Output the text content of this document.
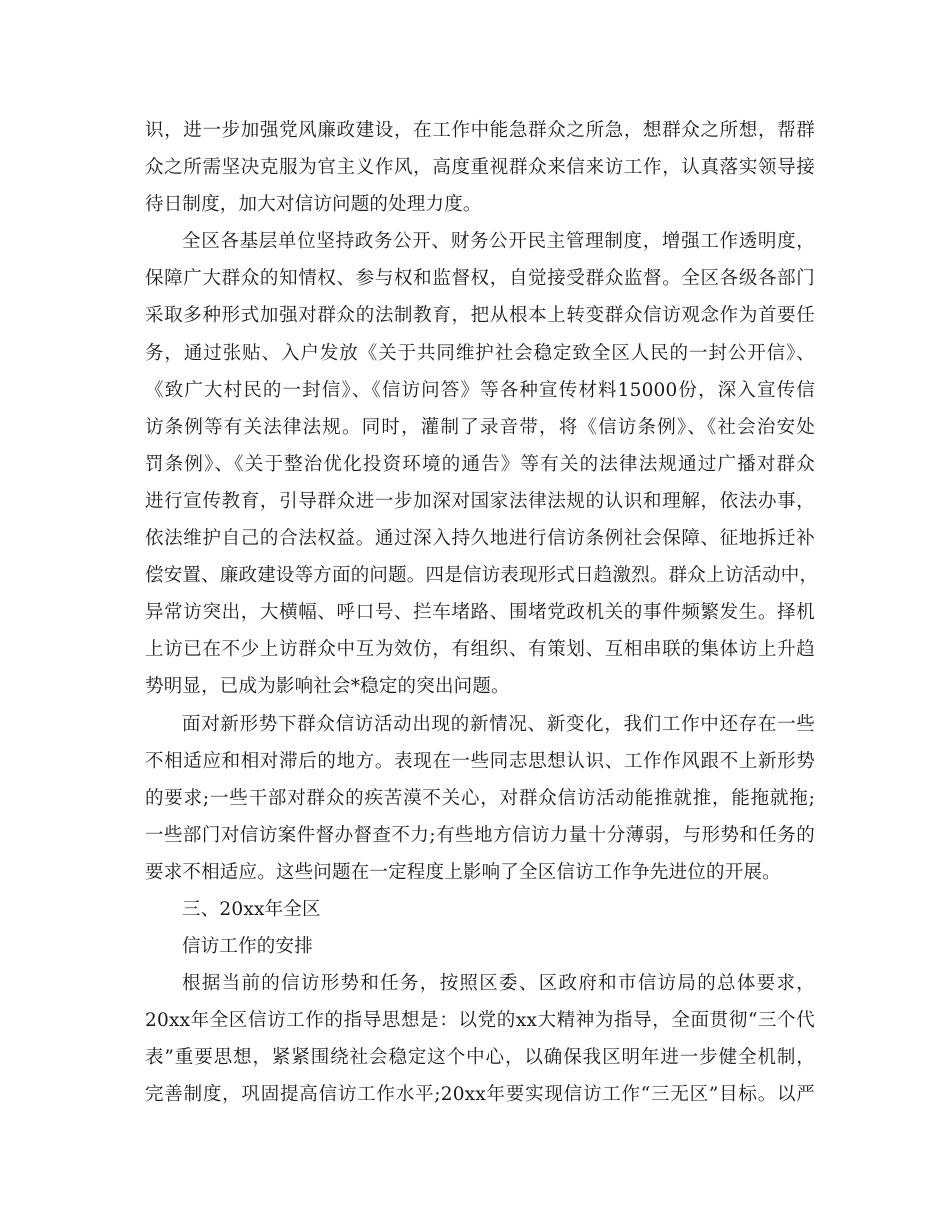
识，进一步加强党风廉政建设，在工作中能急群众之所急，想群众之所想，帮群
众之所需坚决克服为官主义作风，高度重视群众来信来访工作，认真落实领导接
待日制度，加大对信访问题的处理力度。
全区各基层单位坚持政务公开、财务公开民主管理制度，增强工作透明度，
保障广大群众的知情权、参与权和监督权，自觉接受群众监督。全区各级各部门
采取多种形式加强对群众的法制教育，把从根本上转变群众信访观念作为首要任
务，通过张贴、入户发放《关于共同维护社会稳定致全区人民的一封公开信》、
《致广大村民的一封信》、《信访问答》等各种宣传材料15000份，深入宣传信
访条例等有关法律法规。同时，灌制了录音带，将《信访条例》、《社会治安处
罚条例》、《关于整治优化投资环境的通告》等有关的法律法规通过广播对群众
进行宣传教育，引导群众进一步加深对国家法律法规的认识和理解，依法办事，
依法维护自己的合法权益。通过深入持久地进行信访条例社会保障、征地拆迁补
偿安置、廉政建设等方面的问题。四是信访表现形式日趋激烈。群众上访活动中，
异常访突出，大横幅、呼口号、拦车堵路、围堵党政机关的事件频繁发生。择机
上访已在不少上访群众中互为效仿，有组织、有策划、互相串联的集体访上升趋
势明显，已成为影响社会*稳定的突出问题。
面对新形势下群众信访活动出现的新情况、新变化，我们工作中还存在一些
不相适应和相对滞后的地方。表现在一些同志思想认识、工作作风跟不上新形势
的要求;一些干部对群众的疾苦漠不关心，对群众信访活动能推就推，能拖就拖;
一些部门对信访案件督办督查不力;有些地方信访力量十分薄弱，与形势和任务的
要求不相适应。这些问题在一定程度上影响了全区信访工作争先进位的开展。
三、20xx年全区
信访工作的安排
根据当前的信访形势和任务，按照区委、区政府和市信访局的总体要求，
20xx年全区信访工作的指导思想是：以党的xx大精神为指导，全面贯彻“三个代
表”重要思想，紧紧围绕社会稳定这个中心，以确保我区明年进一步健全机制，
完善制度，巩固提高信访工作水平;20xx年要实现信访工作“三无区”目标。以严
